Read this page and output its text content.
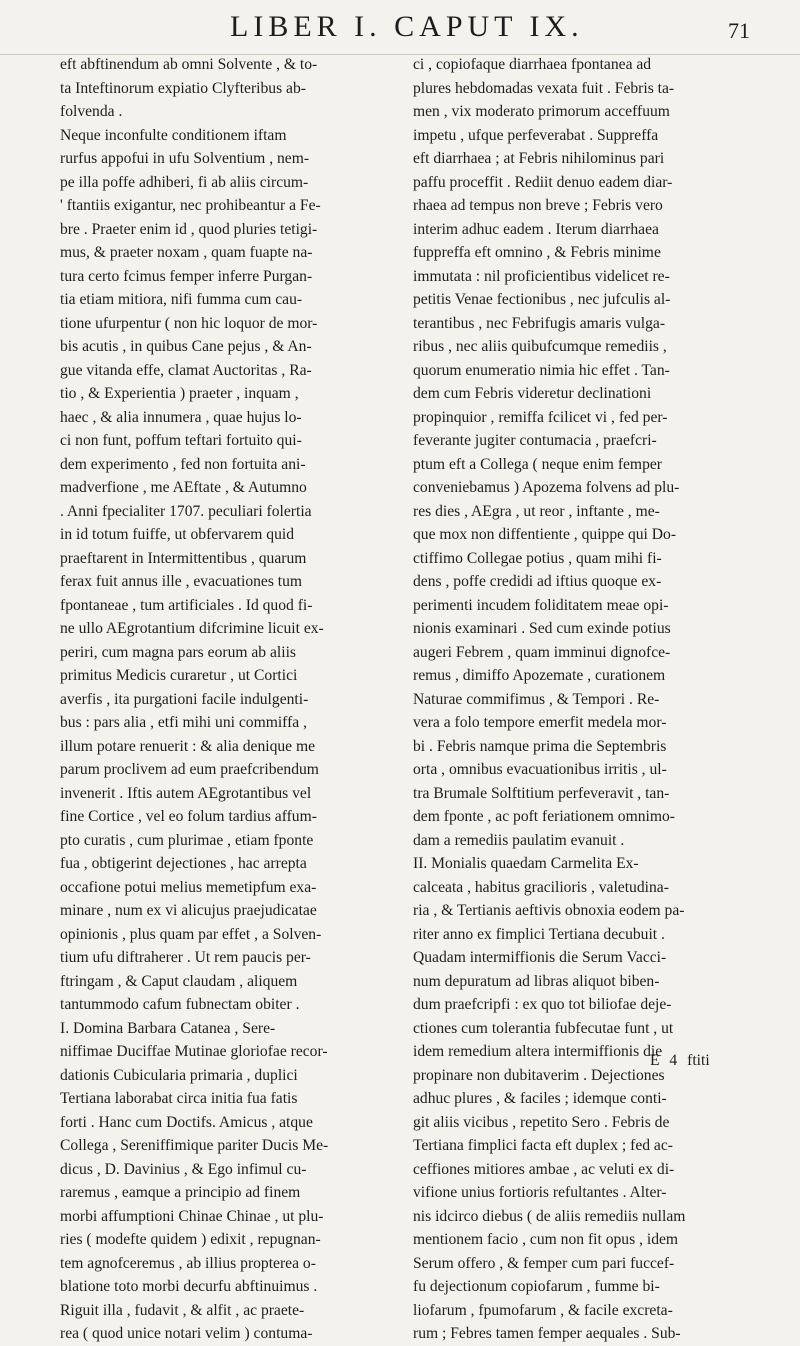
LIBER I. CAPUT IX.	71
eft abftinendum ab omni Solvente , & to-
ta Inteftinorum expiatio Clyfteribus ab-
folvenda .
Neque inconfulte conditionem iftam
rurfus appofui in ufu Solventium , nem-
pe illa poffe adhiberi, fi ab aliis circum-
' ftantiis exigantur, nec prohibeantur a Fe-
bre . Praeter enim id , quod pluries tetigi-
mus, & praeter noxam , quam fuapte na-
tura certo fcimus femper inferre Purgan-
tia etiam mitiora, nifi fumma cum cau-
tione ufurpentur ( non hic loquor de mor-
bis acutis , in quibus Cane pejus , & An-
gue vitanda effe, clamat Auctoritas , Ra-
tio , & Experientia ) praeter , inquam ,
haec , & alia innumera , quae hujus lo-
ci non funt, poffum teftari fortuito qui-
dem experimento , fed non fortuita ani-
madverfione , me AEftate , & Autumno
. Anni fpecialiter 1707. peculiari folertia
in id totum fuiffe, ut obfervarem quid
praeftarent in Intermittentibus , quarum
ferax fuit annus ille , evacuationes tum
fpontaneae , tum artificiales . Id quod fi-
ne ullo AEgrotantium difcrimine licuit ex-
periri, cum magna pars eorum ab aliis
primitus Medicis curaretur , ut Cortici
averfis , ita purgationi facile indulgenti-
bus : pars alia , etfi mihi uni commiffa ,
illum potare renuerit : & alia denique me
parum proclivem ad eum praefcribendum
invenerit . Iftis autem AEgrotantibus vel
fine Cortice , vel eo folum tardius affum-
pto curatis , cum plurimae , etiam fponte
fua , obtigerint dejectiones , hac arrepta
occafione potui melius memetipfum exa-
minare , num ex vi alicujus praejudicatae
opinionis , plus quam par effet , a Solven-
tium ufu diftraherer . Ut rem paucis per-
ftringam , & Caput claudam , aliquem
tantummodo cafum fubnectam obiter .
I. Domina Barbara Catanea , Sere-
niffimae Duciffae Mutinae gloriofae recor-
dationis Cubicularia primaria , duplici
Tertiana laborabat circa initia fua fatis
forti . Hanc cum Doctifs. Amicus , atque
Collega , Sereniffimique pariter Ducis Me-
dicus , D. Davinius , & Ego infimul cu-
raremus , eamque a principio ad finem
morbi affumptioni Chinae Chinae , ut plu-
ries ( modefte quidem ) edixit , repugnan-
tem agnofceremus , ab illius propterea o-
blatione toto morbi decurfu abftinuimus .
Riguit illa , fudavit , & alfit , ac praete-
rea ( quod unice notari velim ) contuma-
ci , copiofaque diarrhaea fpontanea ad
plures hebdomadas vexata fuit . Febris ta-
men , vix moderato primorum acceffuum
impetu , ufque perfeverabat . Suppreffa
eft diarrhaea ; at Febris nihilominus pari
paffu proceffit . Rediit denuo eadem diar-
rhaea ad tempus non breve ; Febris vero
interim adhuc eadem . Iterum diarrhaea
fuppreffa eft omnino , & Febris minime
immutata : nil proficientibus videlicet re-
petitis Venae fectionibus , nec jufculis al-
terantibus , nec Febrifugis amaris vulga-
ribus , nec aliis quibufcumque remediis ,
quorum enumeratio nimia hic effet . Tan-
dem cum Febris videretur declinationi
propinquior , remiffa fcilicet vi , fed per-
feverante jugiter contumacia , praefcri-
ptum eft a Collega ( neque enim femper
conveniebamus ) Apozema folvens ad plu-
res dies , AEgra , ut reor , inftante , me-
que mox non diffentiente , quippe qui Do-
ctiffimo Collegae potius , quam mihi fi-
dens , poffe credidi ad iftius quoque ex-
perimenti incudem foliditatem meae opi-
nionis examinari . Sed cum exinde potius
augeri Febrem , quam imminui dignofce-
remus , dimiffo Apozemate , curationem
Naturae commifimus , & Tempori . Re-
vera a folo tempore emerfit medela mor-
bi . Febris namque prima die Septembris
orta , omnibus evacuationibus irritis , ul-
tra Brumale Solftitium perfeveravit , tan-
dem fponte , ac poft feriationem omnimo-
dam a remediis paulatim evanuit .
II. Monialis quaedam Carmelita Ex-
calceata , habitus gracilioris , valetudina-
ria , & Tertianis aeftivis obnoxia eodem pa-
riter anno ex fimplici Tertiana decubuit .
Quadam intermiffionis die Serum Vacci-
num depuratum ad libras aliquot biben-
dum praefcripfi : ex quo tot biliofae deje-
ctiones cum tolerantia fubfecutae funt , ut
idem remedium altera intermiffionis die
propinare non dubitaverim . Dejectiones
adhuc plures , & faciles ; idemque conti-
git aliis vicibus , repetito Sero . Febris de
Tertiana fimplici facta eft duplex ; fed ac-
ceffiones mitiores ambae , ac veluti ex di-
vifione unius fortioris refultantes . Alter-
nis idcirco diebus ( de aliis remediis nullam
mentionem facio , cum non fit opus , idem
Serum offero , & femper cum pari fuccef-
fu dejectionum copiofarum , fumme bi-
liofarum , fpumofarum , & facile excreta-
rum ; Febres tamen femper aequales . Sub-
E 4 ftiti
